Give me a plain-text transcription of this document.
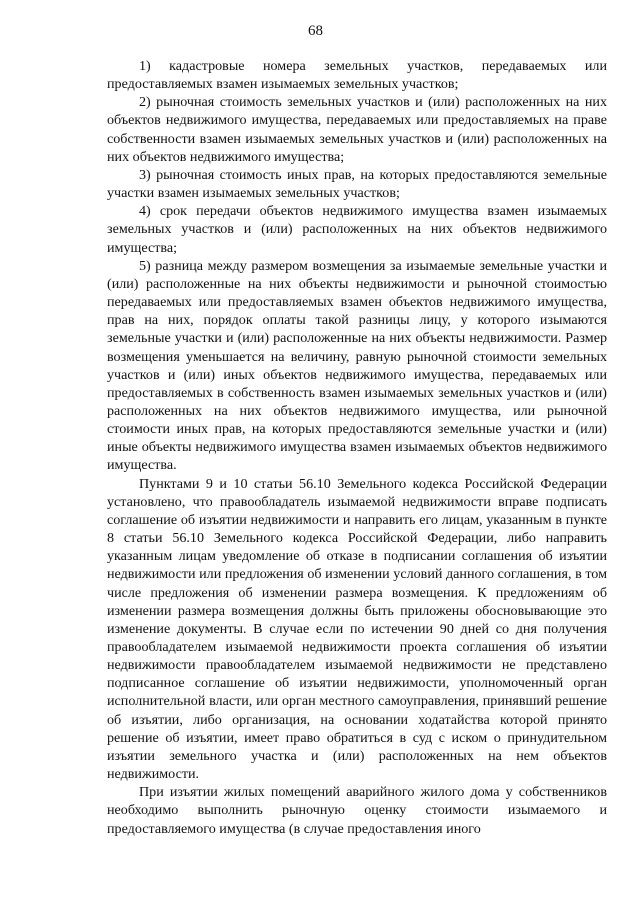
68

1) кадастровые номера земельных участков, передаваемых или предоставляемых взамен изымаемых земельных участков;

2) рыночная стоимость земельных участков и (или) расположенных на них объектов недвижимого имущества, передаваемых или предоставляемых на праве собственности взамен изымаемых земельных участков и (или) расположенных на них объектов недвижимого имущества;

3) рыночная стоимость иных прав, на которых предоставляются земельные участки взамен изымаемых земельных участков;

4) срок передачи объектов недвижимого имущества взамен изымаемых земельных участков и (или) расположенных на них объектов недвижимого имущества;

5) разница между размером возмещения за изымаемые земельные участки и (или) расположенные на них объекты недвижимости и рыночной стоимостью передаваемых или предоставляемых взамен объектов недвижимого имущества, прав на них, порядок оплаты такой разницы лицу, у которого изымаются земельные участки и (или) расположенные на них объекты недвижимости. Размер возмещения уменьшается на величину, равную рыночной стоимости земельных участков и (или) иных объектов недвижимого имущества, передаваемых или предоставляемых в собственность взамен изымаемых земельных участков и (или) расположенных на них объектов недвижимого имущества, или рыночной стоимости иных прав, на которых предоставляются земельные участки и (или) иные объекты недвижимого имущества взамен изымаемых объектов недвижимого имущества.

Пунктами 9 и 10 статьи 56.10 Земельного кодекса Российской Федерации установлено, что правообладатель изымаемой недвижимости вправе подписать соглашение об изъятии недвижимости и направить его лицам, указанным в пункте 8 статьи 56.10 Земельного кодекса Российской Федерации, либо направить указанным лицам уведомление об отказе в подписании соглашения об изъятии недвижимости или предложения об изменении условий данного соглашения, в том числе предложения об изменении размера возмещения. К предложениям об изменении размера возмещения должны быть приложены обосновывающие это изменение документы. В случае если по истечении 90 дней со дня получения правообладателем изымаемой недвижимости проекта соглашения об изъятии недвижимости правообладателем изымаемой недвижимости не представлено подписанное соглашение об изъятии недвижимости, уполномоченный орган исполнительной власти, или орган местного самоуправления, принявший решение об изъятии, либо организация, на основании ходатайства которой принято решение об изъятии, имеет право обратиться в суд с иском о принудительном изъятии земельного участка и (или) расположенных на нем объектов недвижимости.

При изъятии жилых помещений аварийного жилого дома у собственников необходимо выполнить рыночную оценку стоимости изымаемого и предоставляемого имущества (в случае предоставления иного
